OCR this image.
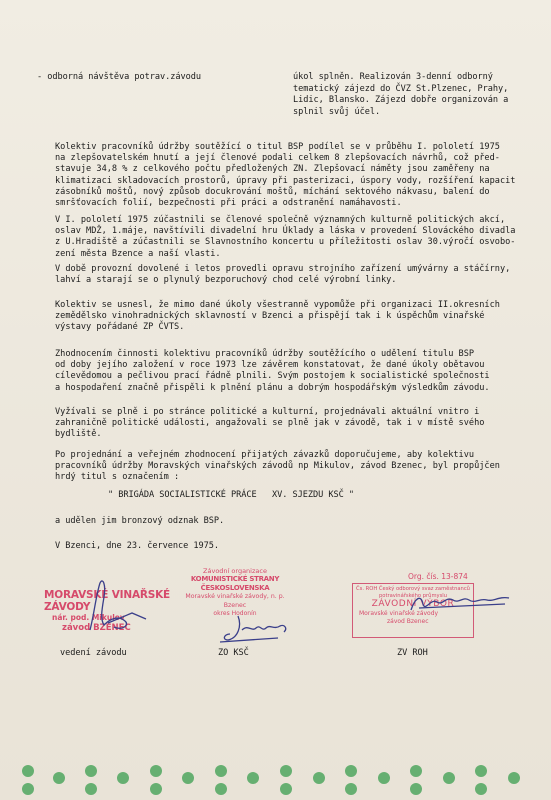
- odborná návštěva potrav.závodu	úkol splněn. Realizován 3-denní odborný
tematický zájezd do ČVZ St.Plzenec, Prahy,
Lidic, Blansko. Zájezd dobře organizován a
splnil svůj účel.
Kolektiv pracovníků údržby soutěžící o titul BSP podílel se v průběhu I. pololetí 1975
na zlepšovatelském hnutí a její členové podali celkem 8 zlepšovacích návrhů, což před-
stavuje 34,8 % z celkového počtu předložených ZN. Zlepšovací náměty jsou zaměřeny na
klimatizaci skladovacích prostorů, úpravy při pasterizaci, úspory vody, rozšíření kapacit
zásobníků moštů, nový způsob docukrování moštů, míchání sektového nákvasu, balení do
smršťovacích folií, bezpečnosti při práci a odstranění namáhavosti.
V I. pololetí 1975 zúčastnili se členové společně významných kulturně politických akcí,
oslav MDŽ, 1.máje, navštívili divadelní hru Úklady a láska v provedení Slováckého divadla
z U.Hradiště a zúčastnili se Slavnostního koncertu u příležitosti oslav 30.výročí osvobo-
zení města Bzence a naší vlasti.
V době provozní dovolené i letos provedli opravu strojního zařízení umývárny a stáčírny,
lahví a starají se o plynulý bezporuchový chod celé výrobní linky.
Kolektiv se usnesl, že mimo dané úkoly všestranně vypomůže při organizaci II.okresních
zemědělsko vinohradnických sklavností v Bzenci a přispějí tak i k úspěchům vinařské
výstavy pořádané ZP ČVTS.
Zhodnocením činnosti kolektivu pracovníků údržby soutěžícího o udělení titulu BSP
od doby jejího založení v roce 1973 lze závěrem konstatovat, že dané úkoly obětavou
cílevědomou a pečlivou prací řádně plnili. Svým postojem k socialistické společnosti
a hospodaření značně přispěli k plnění plánu a dobrým hospodářským výsledkům závodu.
Vyžívali se plně i po stránce politické a kulturní, projednávali aktuální vnitro i
zahraničně politické události, angažovali se plně jak v závodě, tak i v místě svého
bydliště.
Po projednání a veřejném zhodnocení přijatých závazků doporučujeme, aby kolektivu
pracovníků údržby Moravských vinařských závodů np Mikulov, závod Bzenec, byl propůjčen
hrdý titul s označením :
" BRIGÁDA SOCIALISTICKÉ PRÁCE   XV. SJEZDU KSČ "
a udělen jim bronzový odznak BSP.
V Bzenci, dne 23. července 1975.
MORAVSKÉ VINAŘSKÉ ZÁVODY
nár. pod. Mikulov
závod BZENEC
Závodní organizace
KOMUNISTICKÉ STRANY ČESKOSLOVENSKA
Moravské vinařské závody, n. p.
Bzenec
okres Hodonín
Org. čís. 13-874
Čs. ROH Český odborový svaz zaměstnanců
potravinářského průmyslu
ZÁVODNÍ VÝBOR
Moravské vinařské závody
závod Bzenec
vedení závodu	ZO KSČ	ZV ROH
